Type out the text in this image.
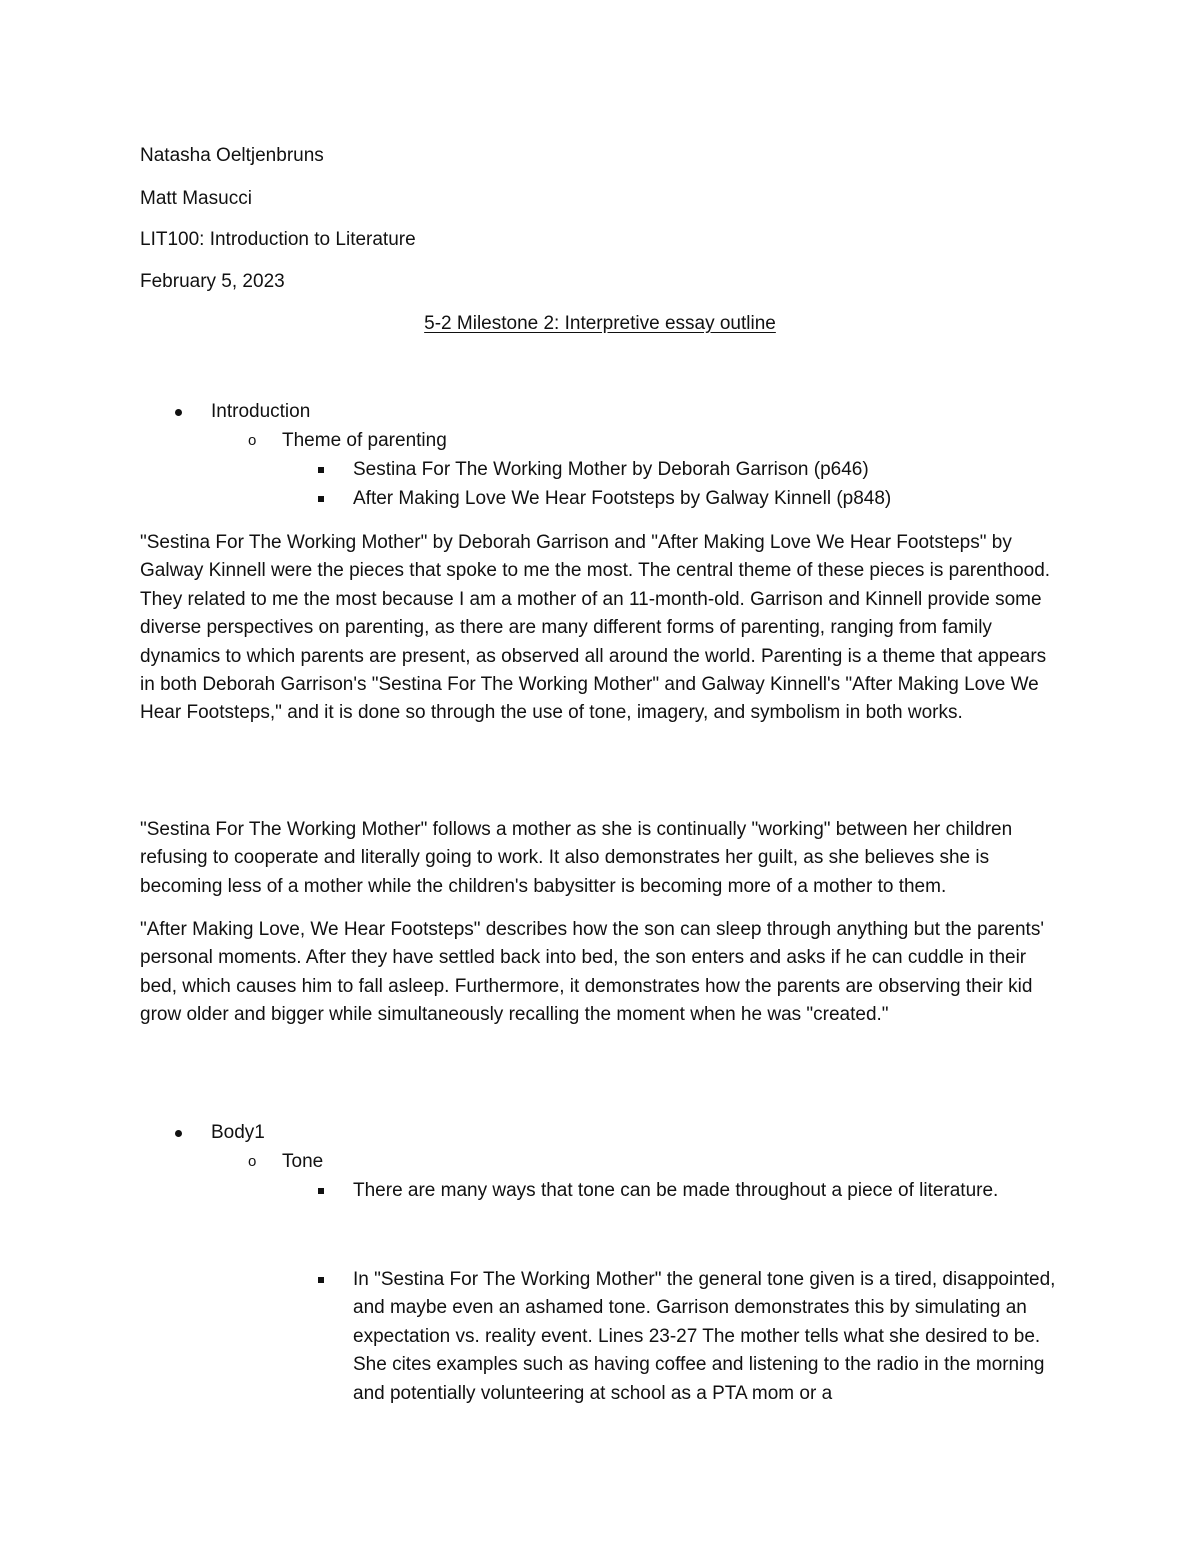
Natasha Oeltjenbruns
Matt Masucci
LIT100: Introduction to Literature
February 5, 2023
5-2 Milestone 2: Interpretive essay outline
Introduction
o Theme of parenting
Sestina For The Working Mother by Deborah Garrison (p646)
After Making Love We Hear Footsteps by Galway Kinnell (p848)

"Sestina For The Working Mother" by Deborah Garrison and "After Making Love We Hear Footsteps" by Galway Kinnell were the pieces that spoke to me the most. The central theme of these pieces is parenthood. They related to me the most because I am a mother of an 11-month-old. Garrison and Kinnell provide some diverse perspectives on parenting, as there are many different forms of parenting, ranging from family dynamics to which parents are present, as observed all around the world. Parenting is a theme that appears in both Deborah Garrison's "Sestina For The Working Mother" and Galway Kinnell's "After Making Love We Hear Footsteps," and it is done so through the use of tone, imagery, and symbolism in both works.

"Sestina For The Working Mother" follows a mother as she is continually "working" between her children refusing to cooperate and literally going to work. It also demonstrates her guilt, as she believes she is becoming less of a mother while the children's babysitter is becoming more of a mother to them.

"After Making Love, We Hear Footsteps" describes how the son can sleep through anything but the parents' personal moments. After they have settled back into bed, the son enters and asks if he can cuddle in their bed, which causes him to fall asleep. Furthermore, it demonstrates how the parents are observing their kid grow older and bigger while simultaneously recalling the moment when he was "created."

Body1
o Tone
There are many ways that tone can be made throughout a piece of literature.

In "Sestina For The Working Mother" the general tone given is a tired, disappointed, and maybe even an ashamed tone. Garrison demonstrates this by simulating an expectation vs. reality event. Lines 23-27 The mother tells what she desired to be. She cites examples such as having coffee and listening to the radio in the morning and potentially volunteering at school as a PTA mom or a
